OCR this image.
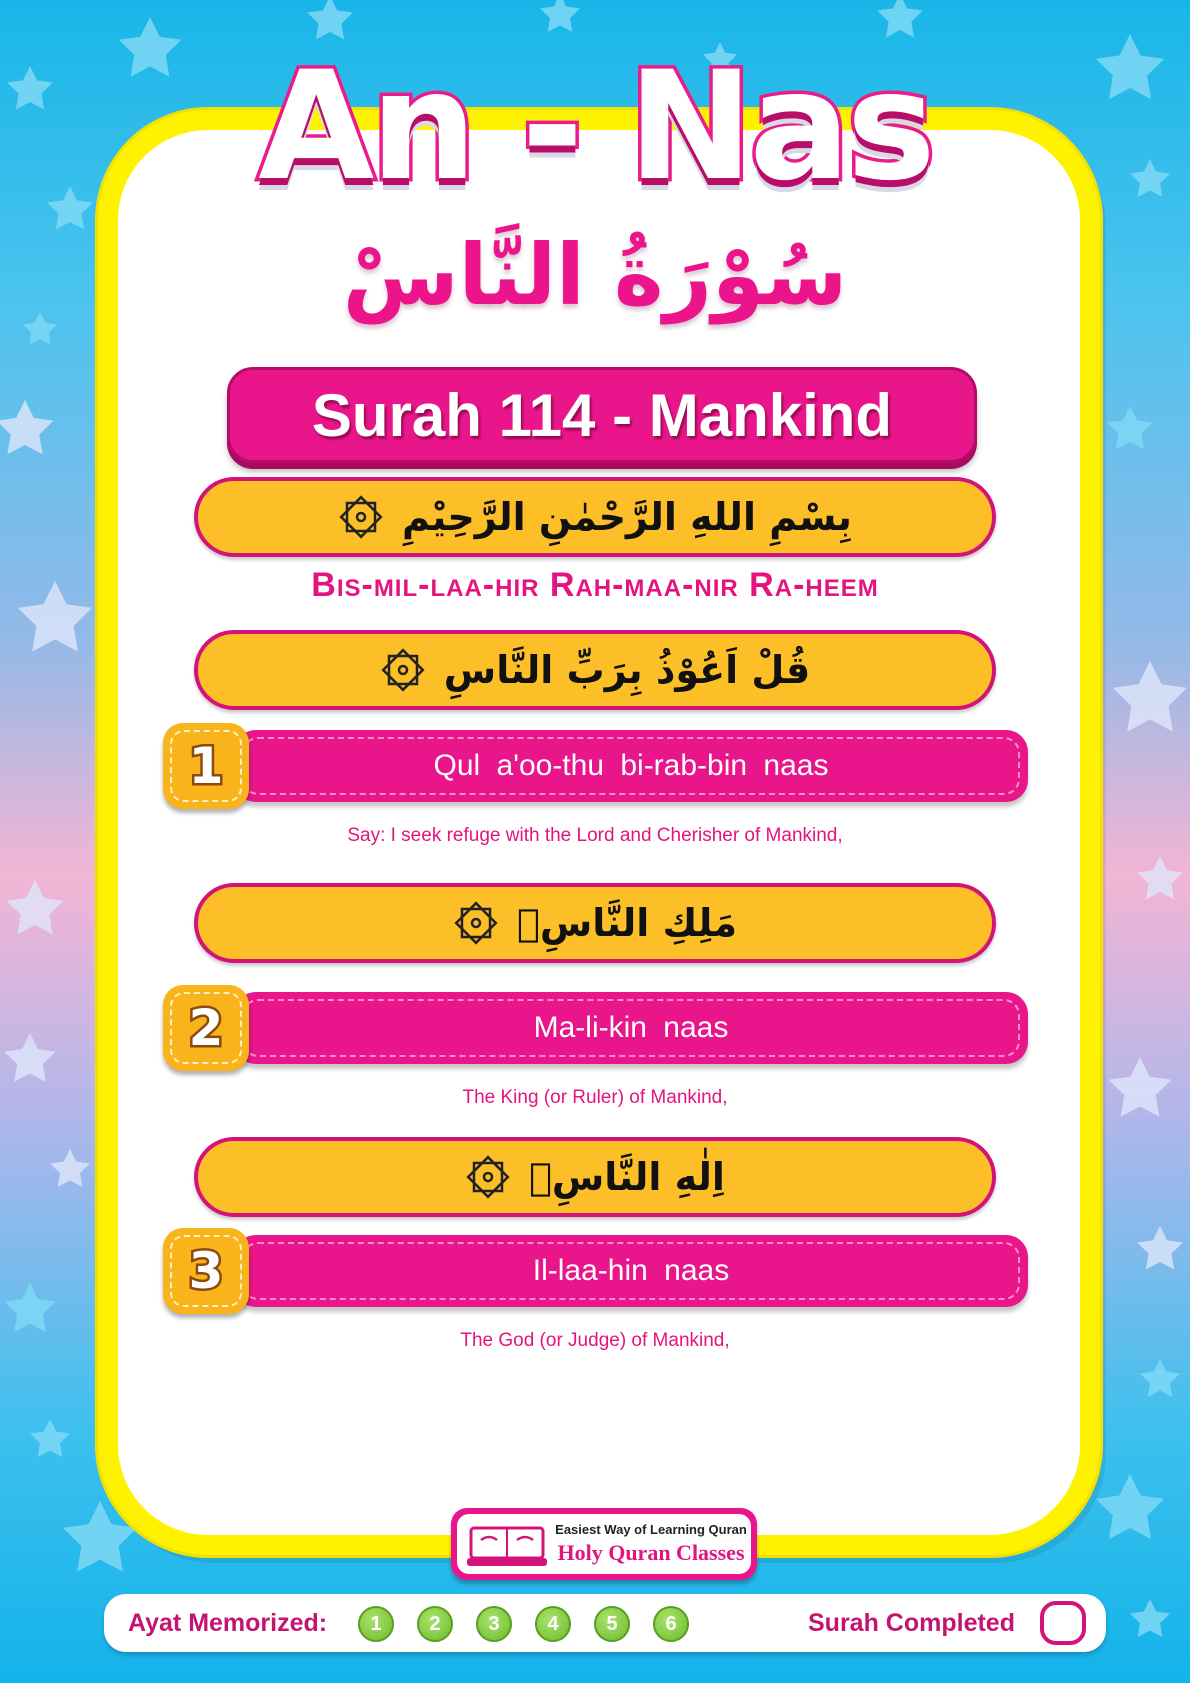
An - Nas
سُوْرَةُ النَّاسْ
Surah 114 - Mankind
بِسْمِ اللهِ الرَّحْمٰنِ الرَّحِيْمِ
Bis-mil-laa-hir Rah-maa-nir Ra-heem
قُلْ اَعُوْذُ بِرَبِّ النَّاسِ
Qul a'oo-thu bi-rab-bin naas
1
Say: I seek refuge with the Lord and Cherisher of Mankind,
مَلِكِ النَّاسِۙ
Ma-li-kin naas
2
The King (or Ruler) of Mankind,
اِلٰهِ النَّاسِۙ
Il-laa-hin naas
3
The God (or Judge) of Mankind,
Easiest Way of Learning Quran
Holy Quran Classes
Ayat Memorized:	1	2	3	4	5	6	Surah Completed
